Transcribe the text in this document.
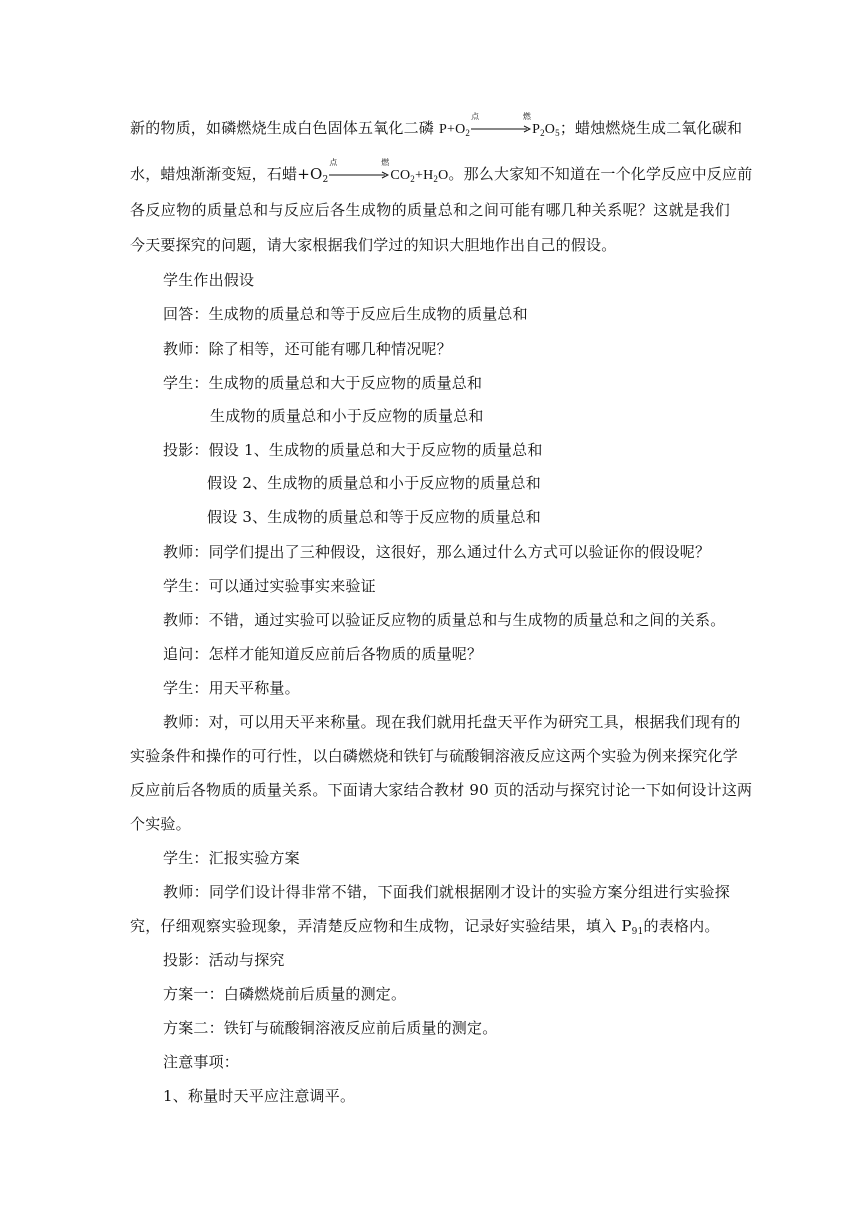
新的物质，如磷燃烧生成白色固体五氧化二磷 $P+O_2$
点燃
$P_2O_5$；蜡烛燃烧生成二氧化碳和
水，蜡烛渐渐变短，石蜡$+O_2$
点燃
$CO_2+H_2O$。那么大家知不知道在一个化学反应中反应前
各反应物的质量总和与反应后各生成物的质量总和之间可能有哪几种关系呢？这就是我们
今天要探究的问题，请大家根据我们学过的知识大胆地作出自己的假设。
学生作出假设
回答：生成物的质量总和等于反应后生成物的质量总和
教师：除了相等，还可能有哪几种情况呢？
学生：生成物的质量总和大于反应物的质量总和
生成物的质量总和小于反应物的质量总和
投影：假设 1、生成物的质量总和大于反应物的质量总和
假设 2、生成物的质量总和小于反应物的质量总和
假设 3、生成物的质量总和等于反应物的质量总和
教师：同学们提出了三种假设，这很好，那么通过什么方式可以验证你的假设呢？
学生：可以通过实验事实来验证
教师：不错，通过实验可以验证反应物的质量总和与生成物的质量总和之间的关系。
追问：怎样才能知道反应前后各物质的质量呢？
学生：用天平称量。
教师：对，可以用天平来称量。现在我们就用托盘天平作为研究工具，根据我们现有的
实验条件和操作的可行性，以白磷燃烧和铁钉与硫酸铜溶液反应这两个实验为例来探究化学
反应前后各物质的质量关系。下面请大家结合教材 90 页的活动与探究讨论一下如何设计这两
个实验。
学生：汇报实验方案
教师：同学们设计得非常不错，下面我们就根据刚才设计的实验方案分组进行实验探
究，仔细观察实验现象，弄清楚反应物和生成物，记录好实验结果，填入 $P_{91}$的表格内。
投影：活动与探究
方案一：白磷燃烧前后质量的测定。
方案二：铁钉与硫酸铜溶液反应前后质量的测定。
注意事项：
1、称量时天平应注意调平。
